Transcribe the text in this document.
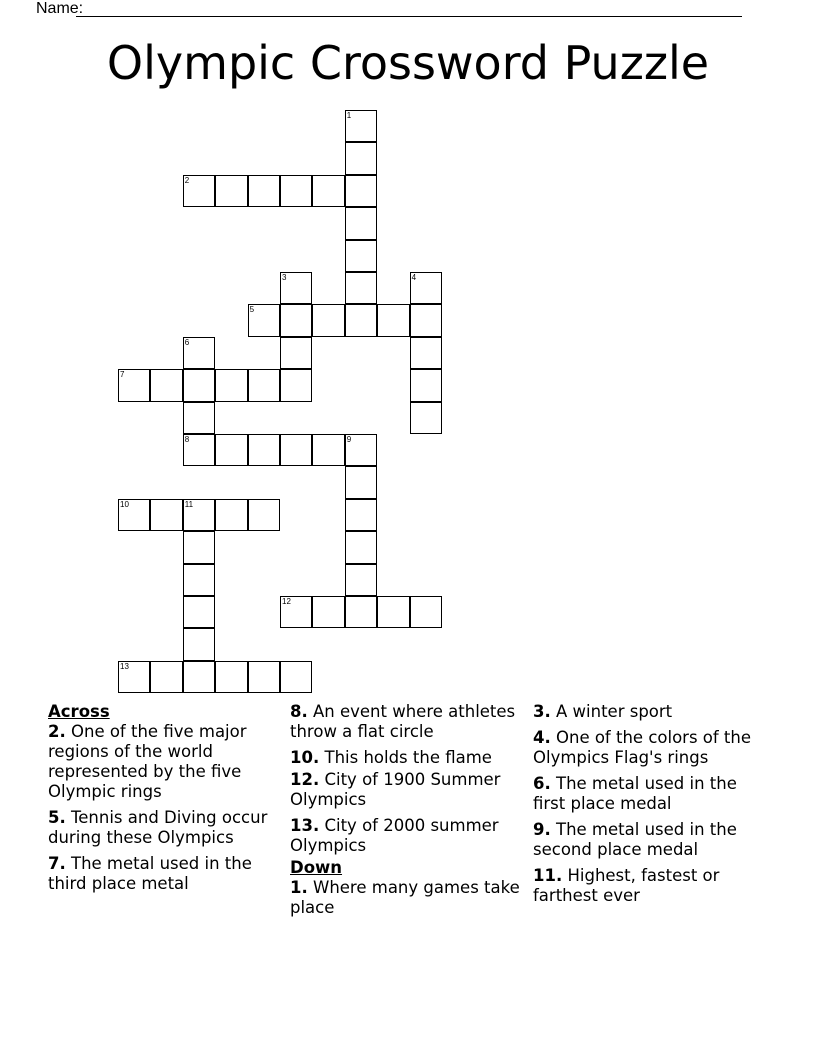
Name:
Olympic Crossword Puzzle
1
2
3	4
5
6
8
7
9
10	11
12
13
Across
2. One of the five major regions of the world represented by the five Olympic rings
5. Tennis and Diving occur during these Olympics
7. The metal used in the third place metal
8. An event where athletes throw a flat circle
10. This holds the flame
12. City of 1900 Summer Olympics
13. City of 2000 summer Olympics
Down
1. Where many games take place
3. A winter sport
4. One of the colors of the Olympics Flag's rings
6. The metal used in the first place medal
9. The metal used in the second place medal
11. Highest, fastest or farthest ever
